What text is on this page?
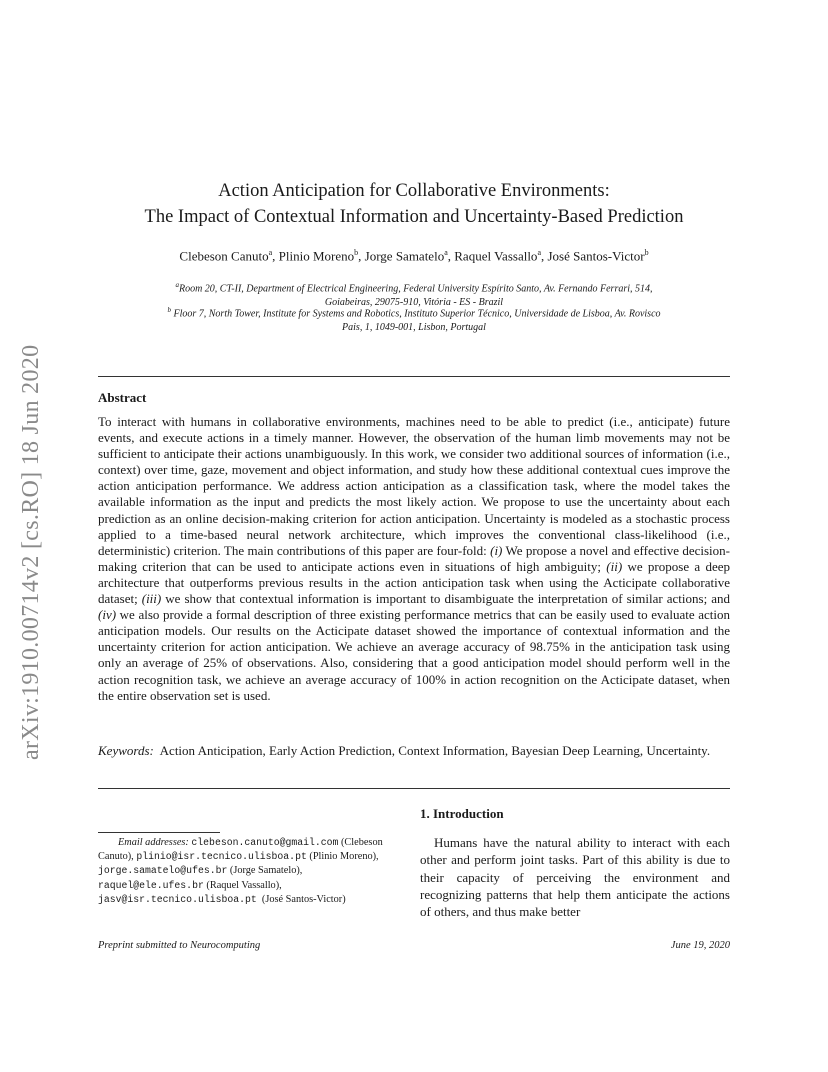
arXiv:1910.00714v2 [cs.RO] 18 Jun 2020
Action Anticipation for Collaborative Environments:
The Impact of Contextual Information and Uncertainty-Based Prediction
Clebeson Canuto$^a$, Plinio Moreno$^b$, Jorge Samatelo$^a$, Raquel Vassallo$^a$, José Santos-Victor$^b$
$^a$Room 20, CT-II, Department of Electrical Engineering, Federal University Espírito Santo, Av. Fernando Ferrari, 514,
Goiabeiras, 29075-910, Vitória - ES - Brazil
$^b$ Floor 7, North Tower, Institute for Systems and Robotics, Instituto Superior Técnico, Universidade de Lisboa, Av. Rovisco
Pais, 1, 1049-001, Lisbon, Portugal
Abstract
To interact with humans in collaborative environments, machines need to be able to predict (i.e., anticipate) future events, and execute actions in a timely manner. However, the observation of the human limb movements may not be sufficient to anticipate their actions unambiguously. In this work, we consider two additional sources of information (i.e., context) over time, gaze, movement and object information, and study how these additional contextual cues improve the action anticipation performance. We address action anticipation as a classification task, where the model takes the available information as the input and predicts the most likely action. We propose to use the uncertainty about each prediction as an online decision-making criterion for action anticipation. Uncertainty is modeled as a stochastic process applied to a time-based neural network architecture, which improves the conventional class-likelihood (i.e., deterministic) criterion. The main contributions of this paper are four-fold: (i) We propose a novel and effective decision-making criterion that can be used to anticipate actions even in situations of high ambiguity; (ii) we propose a deep architecture that outperforms previous results in the action anticipation task when using the Acticipate collaborative dataset; (iii) we show that contextual information is important to disambiguate the interpretation of similar actions; and (iv) we also provide a formal description of three existing performance metrics that can be easily used to evaluate action anticipation models. Our results on the Acticipate dataset showed the importance of contextual information and the uncertainty criterion for action anticipation. We achieve an average accuracy of 98.75% in the anticipation task using only an average of 25% of observations. Also, considering that a good anticipation model should perform well in the action recognition task, we achieve an average accuracy of 100% in action recognition on the Acticipate dataset, when the entire observation set is used.
Keywords: Action Anticipation, Early Action Prediction, Context Information, Bayesian Deep Learning, Uncertainty.
1. Introduction
Humans have the natural ability to interact with each other and perform joint tasks. Part of this ability is due to their capacity of perceiving the environment and recognizing patterns that help them anticipate the actions of others, and thus make better
Email addresses: clebeson.canuto@gmail.com (Clebeson Canuto), plinio@isr.tecnico.ulisboa.pt (Plinio Moreno), jorge.samatelo@ufes.br (Jorge Samatelo), raquel@ele.ufes.br (Raquel Vassallo), jasv@isr.tecnico.ulisboa.pt (José Santos-Victor)
Preprint submitted to Neurocomputing	June 19, 2020
